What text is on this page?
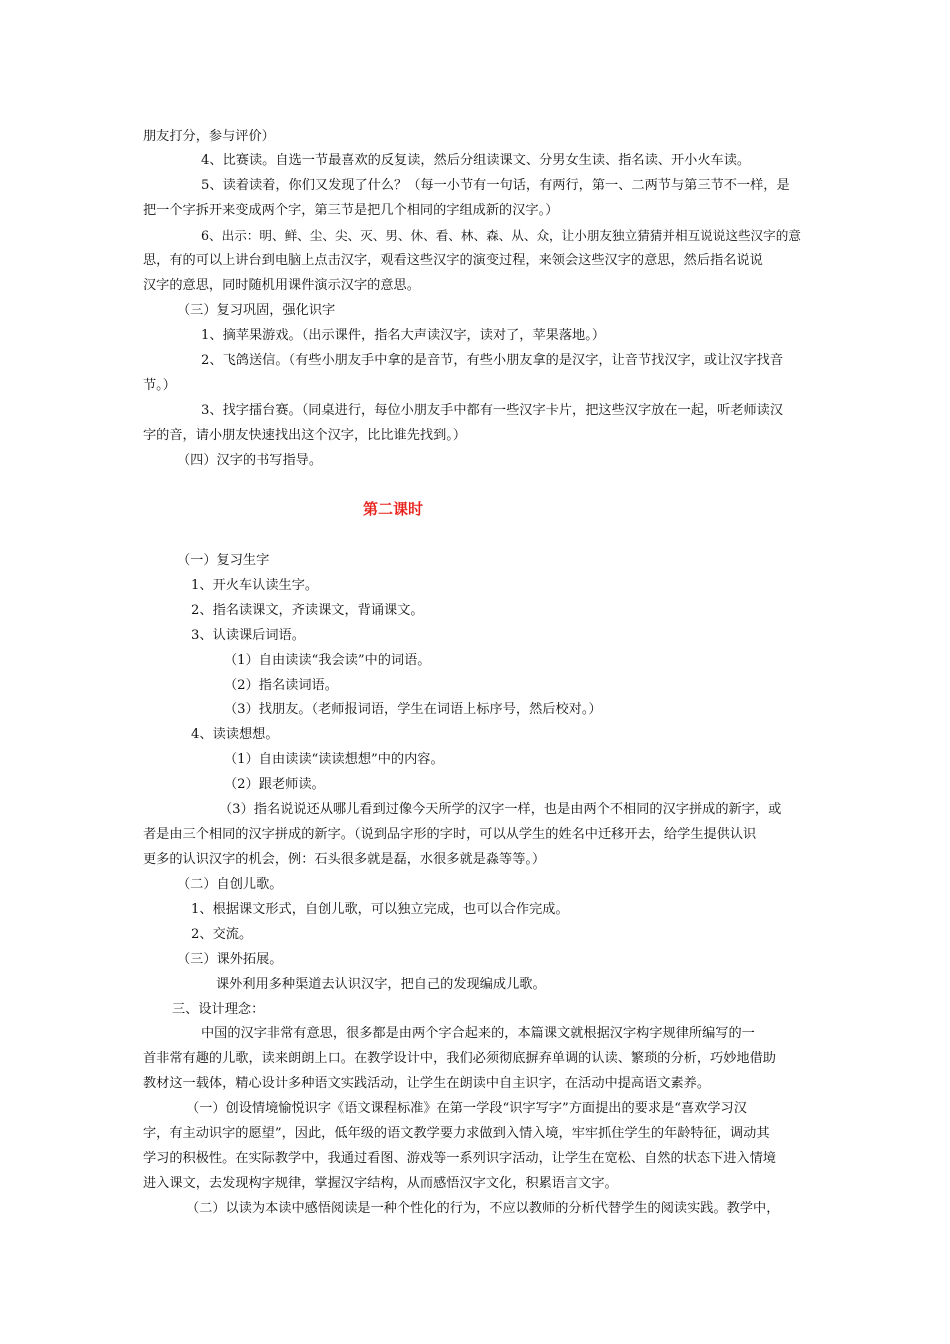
朋友打分，参与评价）

4、比赛读。自选一节最喜欢的反复读，然后分组读课文、分男女生读、指名读、开小火车读。

5、读着读着，你们又发现了什么？（每一小节有一句话，有两行，第一、二两节与第三节不一样，是

把一个字拆开来变成两个字，第三节是把几个相同的字组成新的汉字。）

6、出示：明、鲜、尘、尖、灭、男、休、看、林、森、从、众，让小朋友独立猜猜并相互说说这些汉字的意

思，有的可以上讲台到电脑上点击汉字，观看这些汉字的演变过程，来领会这些汉字的意思，然后指名说说

汉字的意思，同时随机用课件演示汉字的意思。

（三）复习巩固，强化识字

1、摘苹果游戏。（出示课件，指名大声读汉字，读对了，苹果落地。）

2、飞鸽送信。（有些小朋友手中拿的是音节，有些小朋友拿的是汉字，让音节找汉字，或让汉字找音

节。）

3、找字擂台赛。（同桌进行，每位小朋友手中都有一些汉字卡片，把这些汉字放在一起，听老师读汉

字的音，请小朋友快速找出这个汉字，比比谁先找到。）

（四）汉字的书写指导。

第二课时

（一）复习生字

1、开火车认读生字。

2、指名读课文，齐读课文，背诵课文。

3、认读课后词语。

（1）自由读读“我会读”中的词语。

（2）指名读词语。

（3）找朋友。（老师报词语，学生在词语上标序号，然后校对。）

4、读读想想。

（1）自由读读“读读想想”中的内容。

（2）跟老师读。

（3）指名说说还从哪儿看到过像今天所学的汉字一样，也是由两个不相同的汉字拼成的新字，或

者是由三个相同的汉字拼成的新字。（说到品字形的字时，可以从学生的姓名中迁移开去，给学生提供认识

更多的认识汉字的机会，例：石头很多就是磊，水很多就是淼等等。）

（二）自创儿歌。

1、根据课文形式，自创儿歌，可以独立完成，也可以合作完成。

2、交流。

（三）课外拓展。

课外利用多种渠道去认识汉字，把自己的发现编成儿歌。

三、设计理念：

中国的汉字非常有意思，很多都是由两个字合起来的，本篇课文就根据汉字构字规律所编写的一

首非常有趣的儿歌，读来朗朗上口。在教学设计中，我们必须彻底摒弃单调的认读、繁琐的分析，巧妙地借助

教材这一载体，精心设计多种语文实践活动，让学生在朗读中自主识字，在活动中提高语文素养。

（一）创设情境愉悦识字《语文课程标准》在第一学段“识字写字”方面提出的要求是“喜欢学习汉

字，有主动识字的愿望”，因此，低年级的语文教学要力求做到入情入境，牢牢抓住学生的年龄特征，调动其

学习的积极性。在实际教学中，我通过看图、游戏等一系列识字活动，让学生在宽松、自然的状态下进入情境

进入课文，去发现构字规律，掌握汉字结构，从而感悟汉字文化，积累语言文字。

（二）以读为本读中感悟阅读是一种个性化的行为，不应以教师的分析代替学生的阅读实践。教学中，
